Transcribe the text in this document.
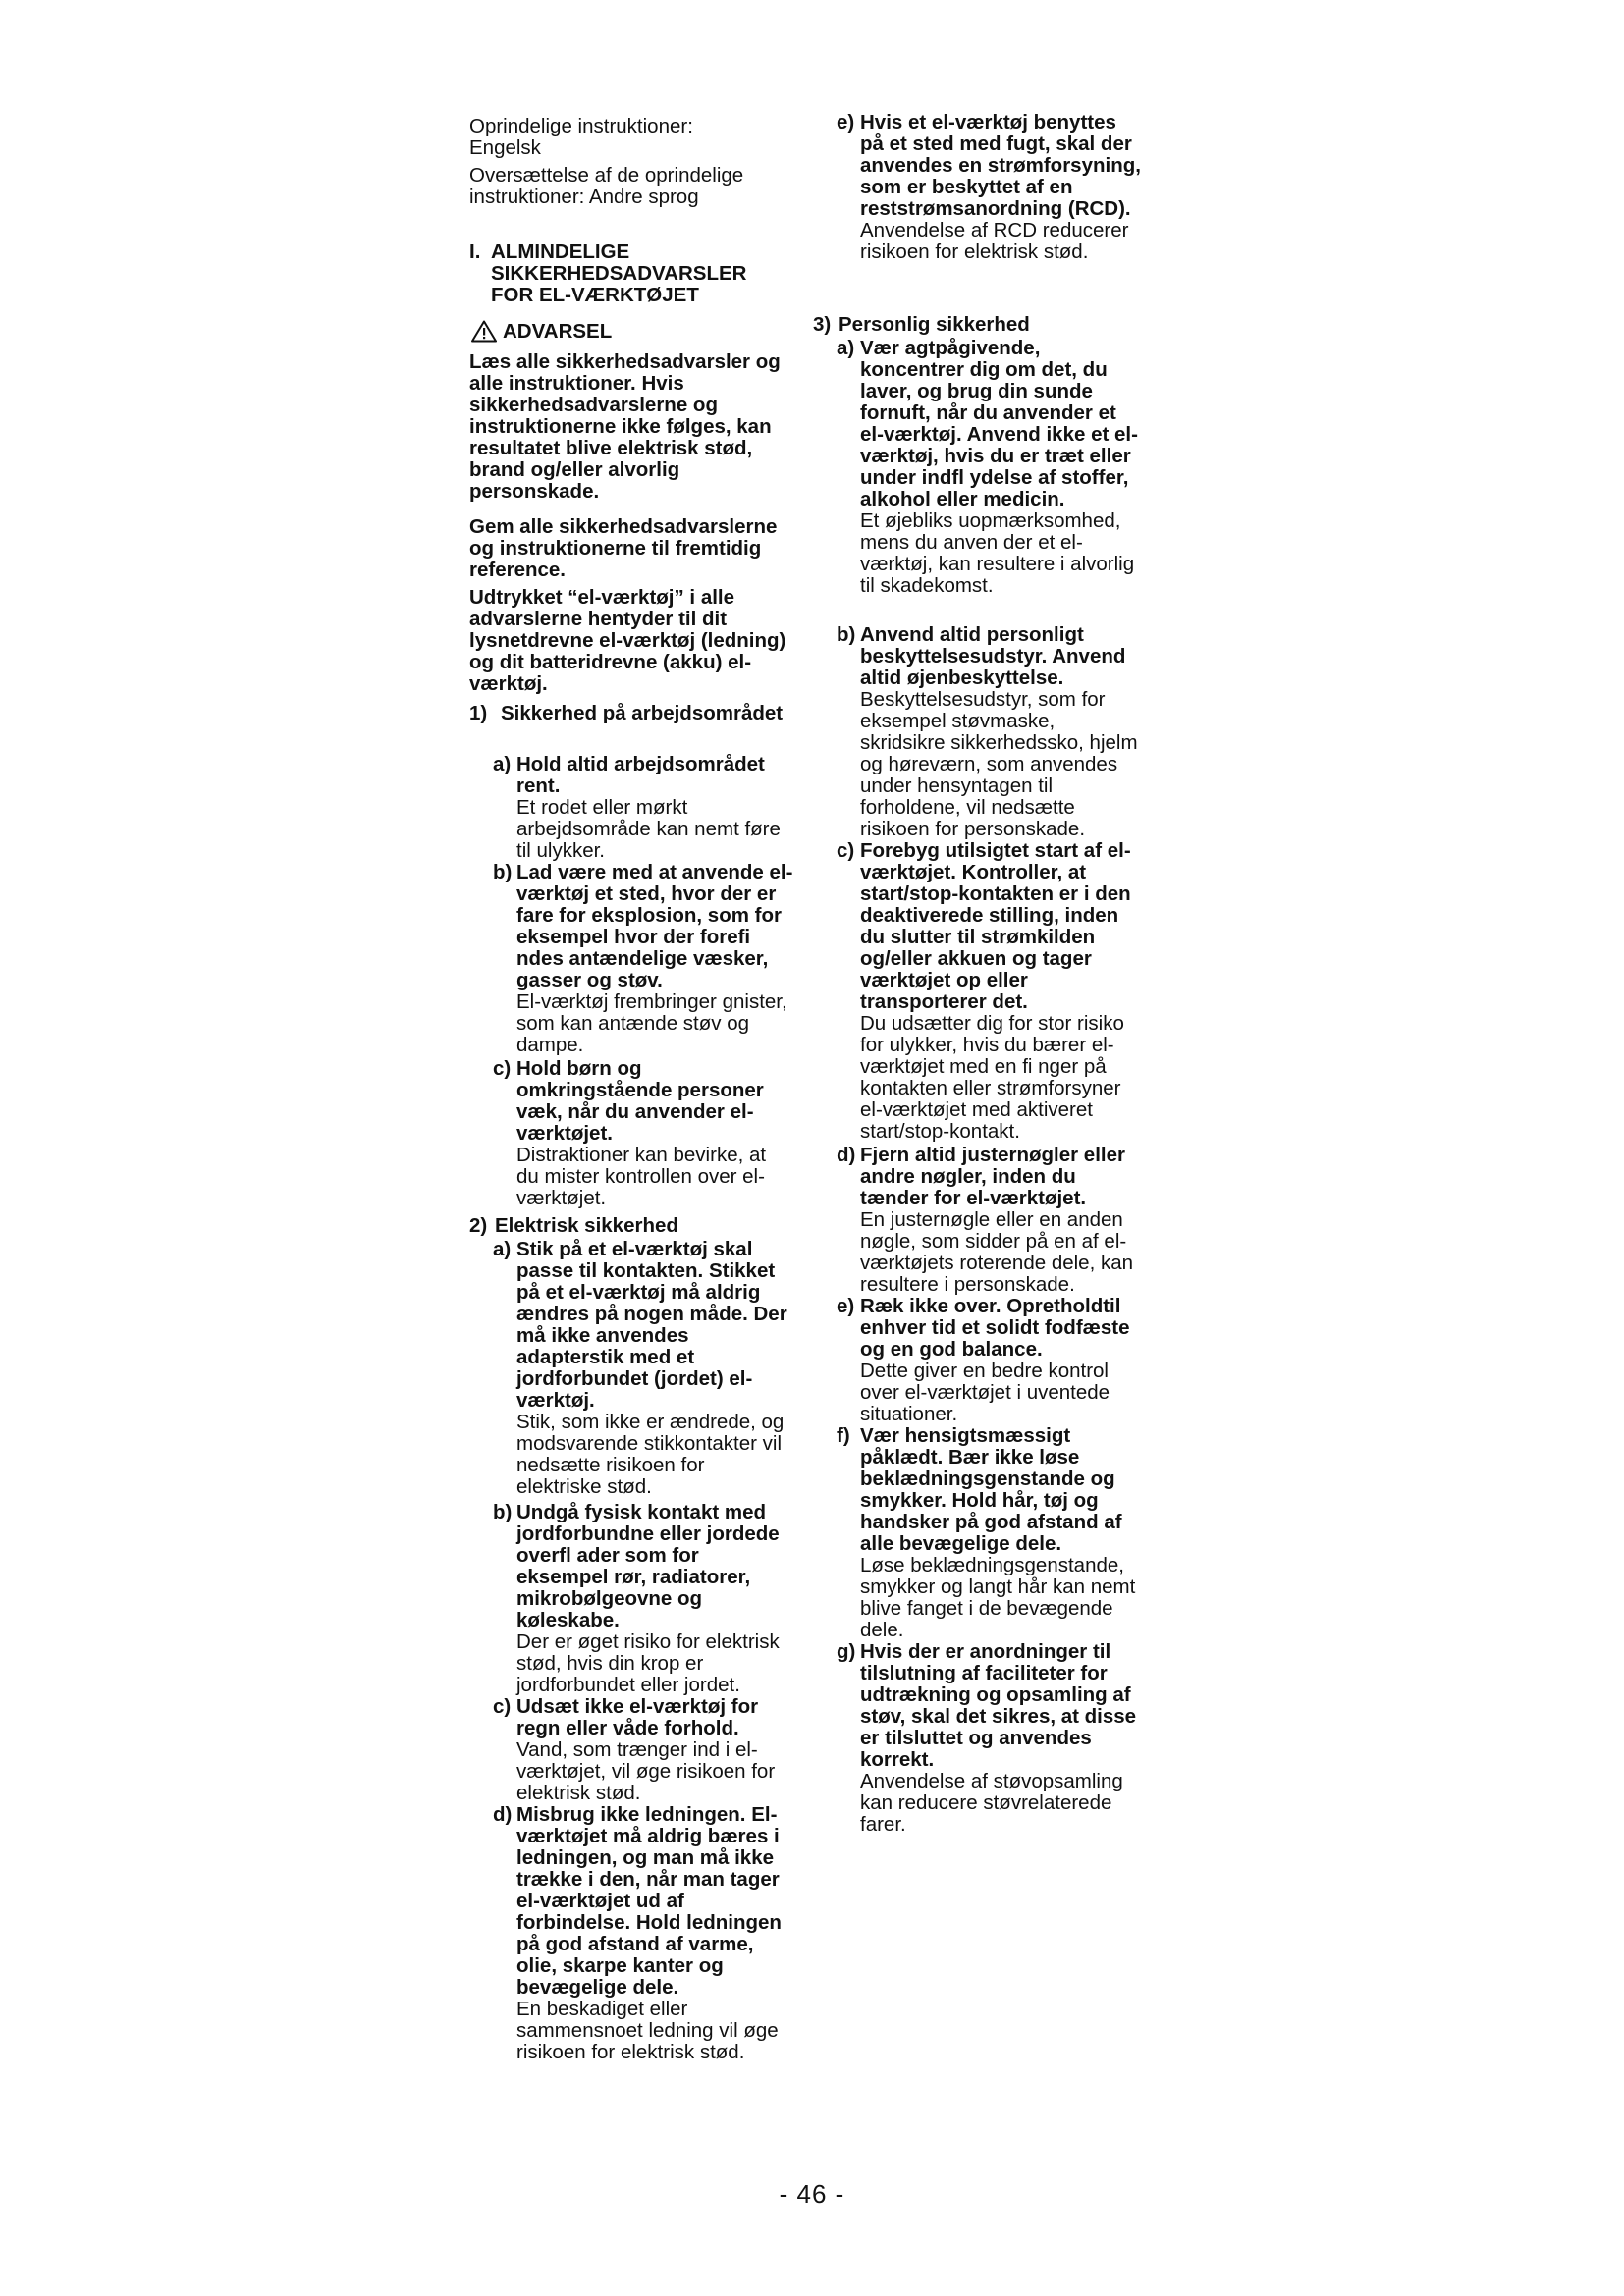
Oprindelige instruktioner:
Engelsk

Oversættelse af de oprindelige
instruktioner: Andre sprog

I. ALMINDELIGE
SIKKERHEDSADVARSLER
FOR EL-VÆRKTØJET
ADVARSEL

Læs alle sikkerhedsadvarsler og alle instruktioner. Hvis sikkerhedsadvarslerne og instruktionerne ikke følges, kan resultatet blive elektrisk stød, brand og/eller alvorlig personskade.

Gem alle sikkerhedsadvarslerne og instruktionerne til fremtidig reference.

Udtrykket “el-værktøj” i alle advarslerne hentyder til dit lysnetdrevne el-værktøj (ledning) og dit batteridrevne (akku) el-værktøj.

1) Sikkerhed på arbejdsområdet
a) Hold altid arbejdsområdet rent.
Et rodet eller mørkt arbejdsområde kan nemt føre til ulykker.
b) Lad være med at anvende el-værktøj et sted, hvor der er fare for eksplosion, som for eksempel hvor der forefi ndes antændelige væsker, gasser og støv.
El-værktøj frembringer gnister, som kan antænde støv og dampe.
c) Hold børn og omkringstående personer væk, når du anvender el-værktøjet.
Distraktioner kan bevirke, at du mister kontrollen over el-værktøjet.
2) Elektrisk sikkerhed
a) Stik på et el-værktøj skal passe til kontakten. Stikket på et el-værktøj må aldrig ændres på nogen måde. Der må ikke anvendes adapterstik med et jordforbundet (jordet) el-værktøj.
Stik, som ikke er ændrede, og modsvarende stikkontakter vil nedsætte risikoen for elektriske stød.
b) Undgå fysisk kontakt med jordforbundne eller jordede overfl ader som for eksempel rør, radiatorer, mikrobølgeovne og køleskabe.
Der er øget risiko for elektrisk stød, hvis din krop er jordforbundet eller jordet.
c) Udsæt ikke el-værktøj for regn eller våde forhold.
Vand, som trænger ind i el-værktøjet, vil øge risikoen for elektrisk stød.
d) Misbrug ikke ledningen. El-værktøjet må aldrig bæres i ledningen, og man må ikke trække i den, når man tager el-værktøjet ud af forbindelse. Hold ledningen på god afstand af varme, olie, skarpe kanter og bevægelige dele.
En beskadiget eller sammensnoet ledning vil øge risikoen for elektrisk stød.
e) Hvis et el-værktøj benyttes på et sted med fugt, skal der anvendes en strømforsyning, som er beskyttet af en reststrømsanordning (RCD).
Anvendelse af RCD reducerer risikoen for elektrisk stød.
3) Personlig sikkerhed
a) Vær agtpågivende, koncentrer dig om det, du laver, og brug din sunde fornuft, når du anvender et el-værktøj. Anvend ikke et el-værktøj, hvis du er træt eller under indfl ydelse af stoffer, alkohol eller medicin.
Et øjebliks uopmærksomhed, mens du anven der et el-værktøj, kan resultere i alvorlig til skadekomst.
b) Anvend altid personligt beskyttelsesudstyr. Anvend altid øjenbeskyttelse.
Beskyttelsesudstyr, som for eksempel støvmaske, skridsikre sikkerhedssko, hjelm og høreværn, som anvendes under hensyntagen til forholdene, vil nedsætte risikoen for personskade.
c) Forebyg utilsigtet start af el-værktøjet. Kontroller, at start/stop-kontakten er i den deaktiverede stilling, inden du slutter til strømkilden og/eller akkuen og tager værktøjet op eller transporterer det.
Du udsætter dig for stor risiko for ulykker, hvis du bærer el-værktøjet med en fi nger på kontakten eller strømforsyner el-værktøjet med aktiveret start/stop-kontakt.
d) Fjern altid justernøgler eller andre nøgler, inden du tænder for el-værktøjet.
En justernøgle eller en anden nøgle, som sidder på en af el-værktøjets roterende dele, kan resultere i personskade.
e) Ræk ikke over. Opretholdtil enhver tid et solidt fodfæste og en god balance.
Dette giver en bedre kontrol over el-værktøjet i uventede situationer.
f) Vær hensigtsmæssigt påklædt. Bær ikke løse beklædningsgenstande og smykker. Hold hår, tøj og handsker på god afstand af alle bevægelige dele.
Løse beklædningsgenstande, smykker og langt hår kan nemt blive fanget i de bevægende dele.
g) Hvis der er anordninger til tilslutning af faciliteter for udtrækning og opsamling af støv, skal det sikres, at disse er tilsluttet og anvendes korrekt.
Anvendelse af støvopsamling kan reducere støvrelaterede farer.
- 46 -
